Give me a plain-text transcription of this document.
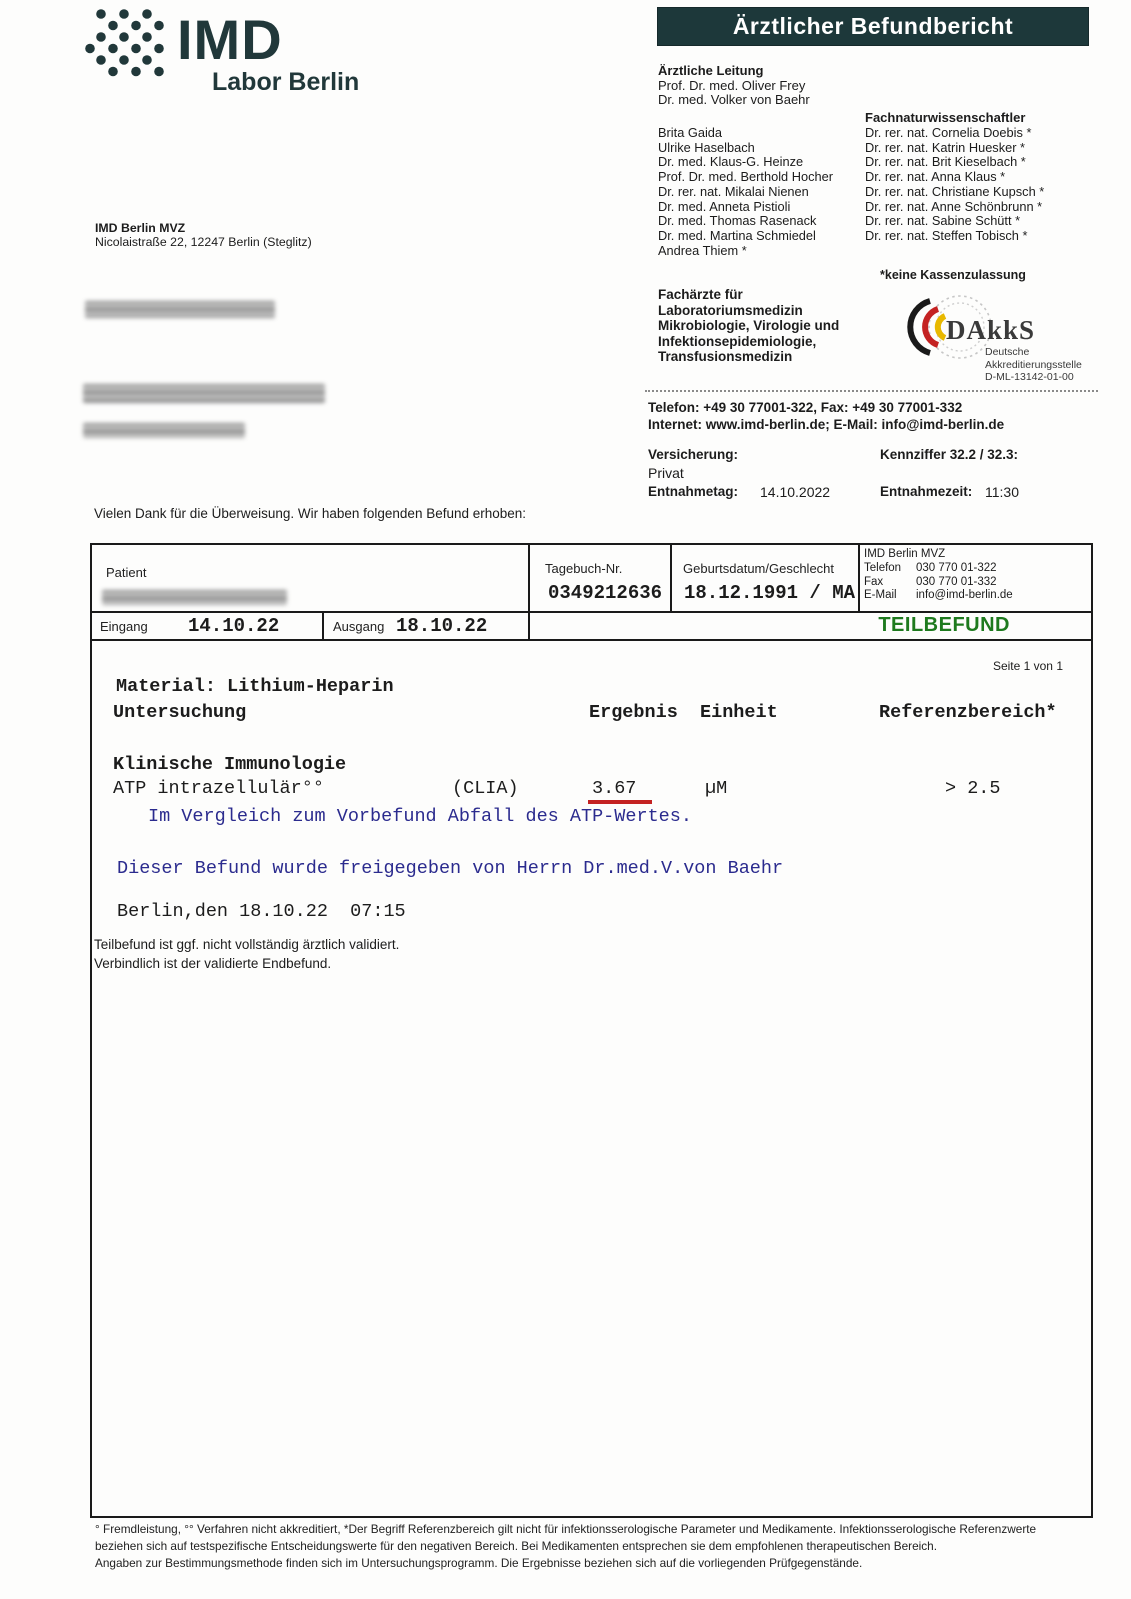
IMD
Labor Berlin
Ärztlicher Befundbericht
Ärztliche Leitung
Prof. Dr. med. Oliver Frey
Dr. med. Volker von Baehr
Brita Gaida
Ulrike Haselbach
Dr. med. Klaus-G. Heinze
Prof. Dr. med. Berthold Hocher
Dr. rer. nat. Mikalai Nienen
Dr. med. Anneta Pistioli
Dr. med. Thomas Rasenack
Dr. med. Martina Schmiedel
Andrea Thiem *
Fachnaturwissenschaftler
Dr. rer. nat. Cornelia Doebis *
Dr. rer. nat. Katrin Huesker *
Dr. rer. nat. Brit Kieselbach *
Dr. rer. nat. Anna Klaus *
Dr. rer. nat. Christiane Kupsch *
Dr. rer. nat. Anne Schönbrunn *
Dr. rer. nat. Sabine Schütt *
Dr. rer. nat. Steffen Tobisch *
*keine Kassenzulassung
IMD Berlin MVZ
Nicolaistraße 22, 12247 Berlin (Steglitz)
Fachärzte für
Laboratoriumsmedizin
Mikrobiologie, Virologie und
Infektionsepidemiologie,
Transfusionsmedizin
DAkkS
Deutsche
Akkreditierungsstelle
D-ML-13142-01-00
Telefon: +49 30 77001-322, Fax: +49 30 77001-332
Internet: www.imd-berlin.de; E-Mail: info@imd-berlin.de
Versicherung:	Kennziffer 32.2 / 32.3:
Privat
Entnahmetag: 14.10.2022	Entnahmezeit: 11:30
Vielen Dank für die Überweisung. Wir haben folgenden Befund erhoben:
Patient	Tagebuch-Nr.
0349212636
Geburtsdatum/Geschlecht
18.12.1991 / MA
IMD Berlin MVZ
Telefon	030 770 01-322
Fax	030 770 01-332
E-Mail	info@imd-berlin.de
Eingang 14.10.22	Ausgang 18.10.22	TEILBEFUND
Seite 1 von 1
Material: Lithium-Heparin
Untersuchung	Ergebnis Einheit	Referenzbereich*
Klinische Immunologie
ATP intrazellulär°°	(CLIA)	3.67	µM	> 2.5
Im Vergleich zum Vorbefund Abfall des ATP-Wertes.
Dieser Befund wurde freigegeben von Herrn Dr.med.V.von Baehr
Berlin,den 18.10.22  07:15
Teilbefund ist ggf. nicht vollständig ärztlich validiert.
Verbindlich ist der validierte Endbefund.
° Fremdleistung, °° Verfahren nicht akkreditiert, *Der Begriff Referenzbereich gilt nicht für infektionsserologische Parameter und Medikamente. Infektionsserologische Referenzwerte
beziehen sich auf testspezifische Entscheidungswerte für den negativen Bereich. Bei Medikamenten entsprechen sie dem empfohlenen therapeutischen Bereich.
Angaben zur Bestimmungsmethode finden sich im Untersuchungsprogramm. Die Ergebnisse beziehen sich auf die vorliegenden Prüfgegenstände.
